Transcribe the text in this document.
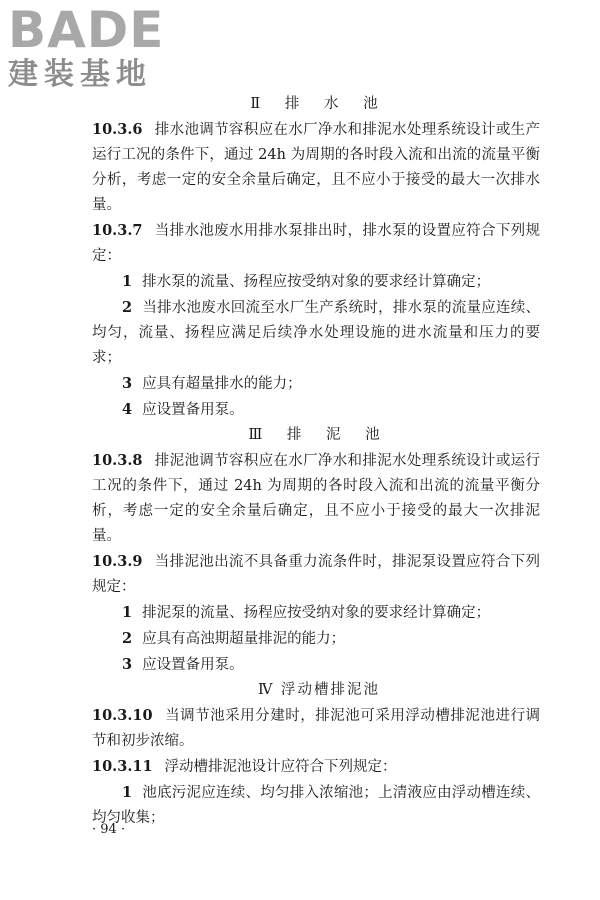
BADE
建装基地
Ⅱ 排 水 池
10.3.6 排水池调节容积应在水厂净水和排泥水处理系统设计或生产运行工况的条件下，通过 24h 为周期的各时段入流和出流的流量平衡分析，考虑一定的安全余量后确定，且不应小于接受的最大一次排水量。
10.3.7 当排水池废水用排水泵排出时，排水泵的设置应符合下列规定：
1 排水泵的流量、扬程应按受纳对象的要求经计算确定；
2 当排水池废水回流至水厂生产系统时，排水泵的流量应连续、均匀，流量、扬程应满足后续净水处理设施的进水流量和压力的要求；
3 应具有超量排水的能力；
4 应设置备用泵。
Ⅲ 排 泥 池
10.3.8 排泥池调节容积应在水厂净水和排泥水处理系统设计或运行工况的条件下，通过 24h 为周期的各时段入流和出流的流量平衡分析，考虑一定的安全余量后确定，且不应小于接受的最大一次排泥量。
10.3.9 当排泥池出流不具备重力流条件时，排泥泵设置应符合下列规定：
1 排泥泵的流量、扬程应按受纳对象的要求经计算确定；
2 应具有高浊期超量排泥的能力；
3 应设置备用泵。
Ⅳ 浮动槽排泥池
10.3.10 当调节池采用分建时，排泥池可采用浮动槽排泥池进行调节和初步浓缩。
10.3.11 浮动槽排泥池设计应符合下列规定：
1 池底污泥应连续、均匀排入浓缩池；上清液应由浮动槽连续、均匀收集；
· 94 ·
